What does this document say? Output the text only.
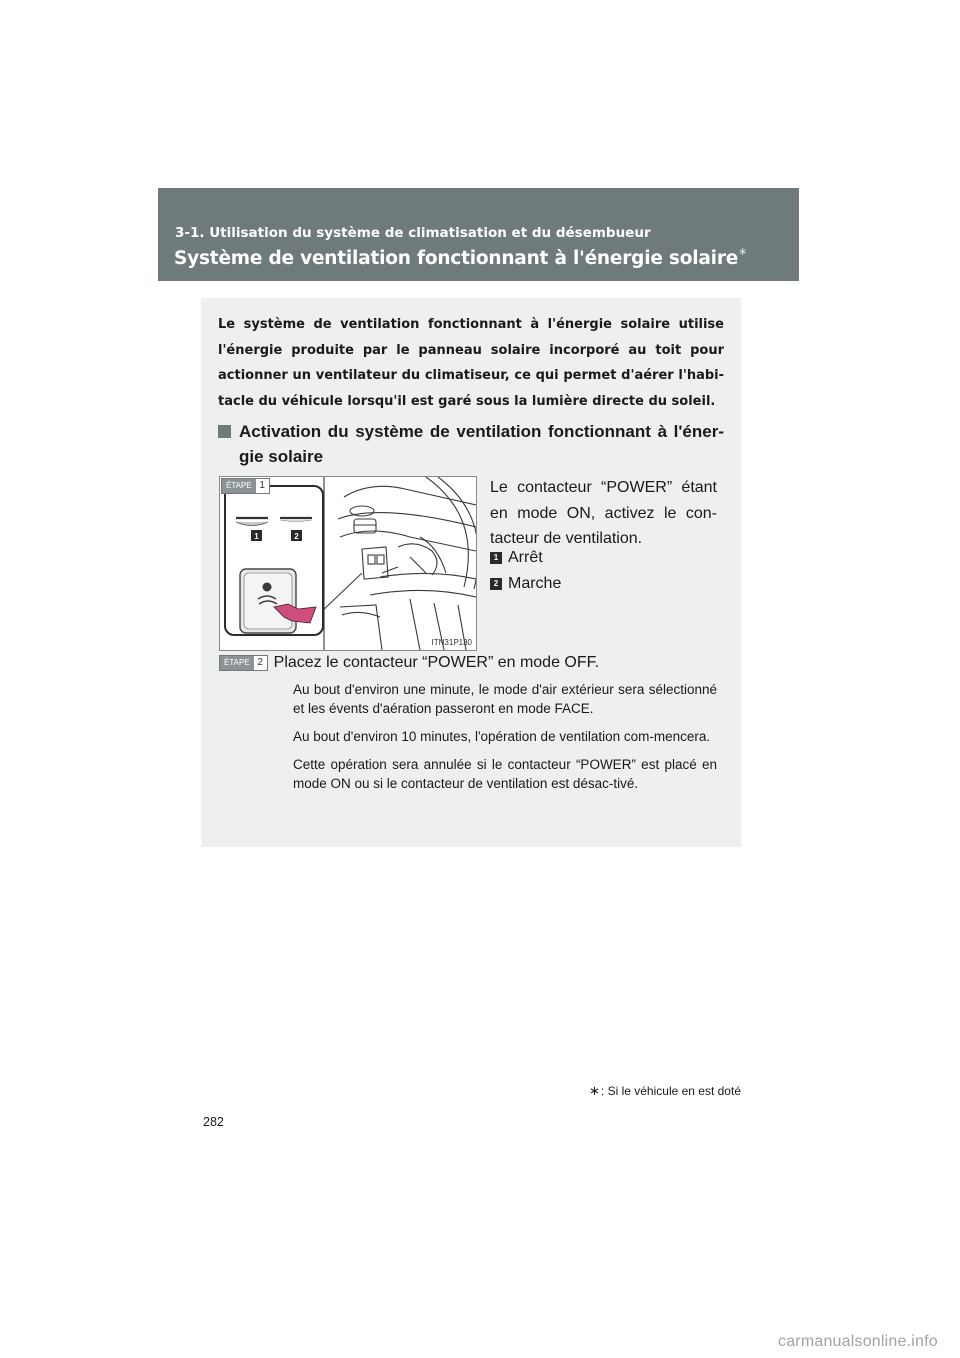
3-1. Utilisation du système de climatisation et du désembueur
Système de ventilation fonctionnant à l'énergie solaire∗
Le système de ventilation fonctionnant à l'énergie solaire utilise l'énergie produite par le panneau solaire incorporé au toit pour actionner un ventilateur du climatiseur, ce qui permet d'aérer l'habi-tacle du véhicule lorsqu'il est garé sous la lumière directe du soleil.
Activation du système de ventilation fonctionnant à l'éner-gie solaire
1	2
ÉTAPE 1
ITN31P130
Le contacteur “POWER” étant en mode ON, activez le con-tacteur de ventilation.
1 Arrêt
2 Marche
ÉTAPE 2 Placez le contacteur “POWER” en mode OFF.

Au bout d'environ une minute, le mode d'air extérieur sera sélectionné et les évents d'aération passeront en mode FACE.

Au bout d'environ 10 minutes, l'opération de ventilation com-mencera.

Cette opération sera annulée si le contacteur “POWER” est placé en mode ON ou si le contacteur de ventilation est désac-tivé.

∗: Si le véhicule en est doté
282
carmanualsonline.info
